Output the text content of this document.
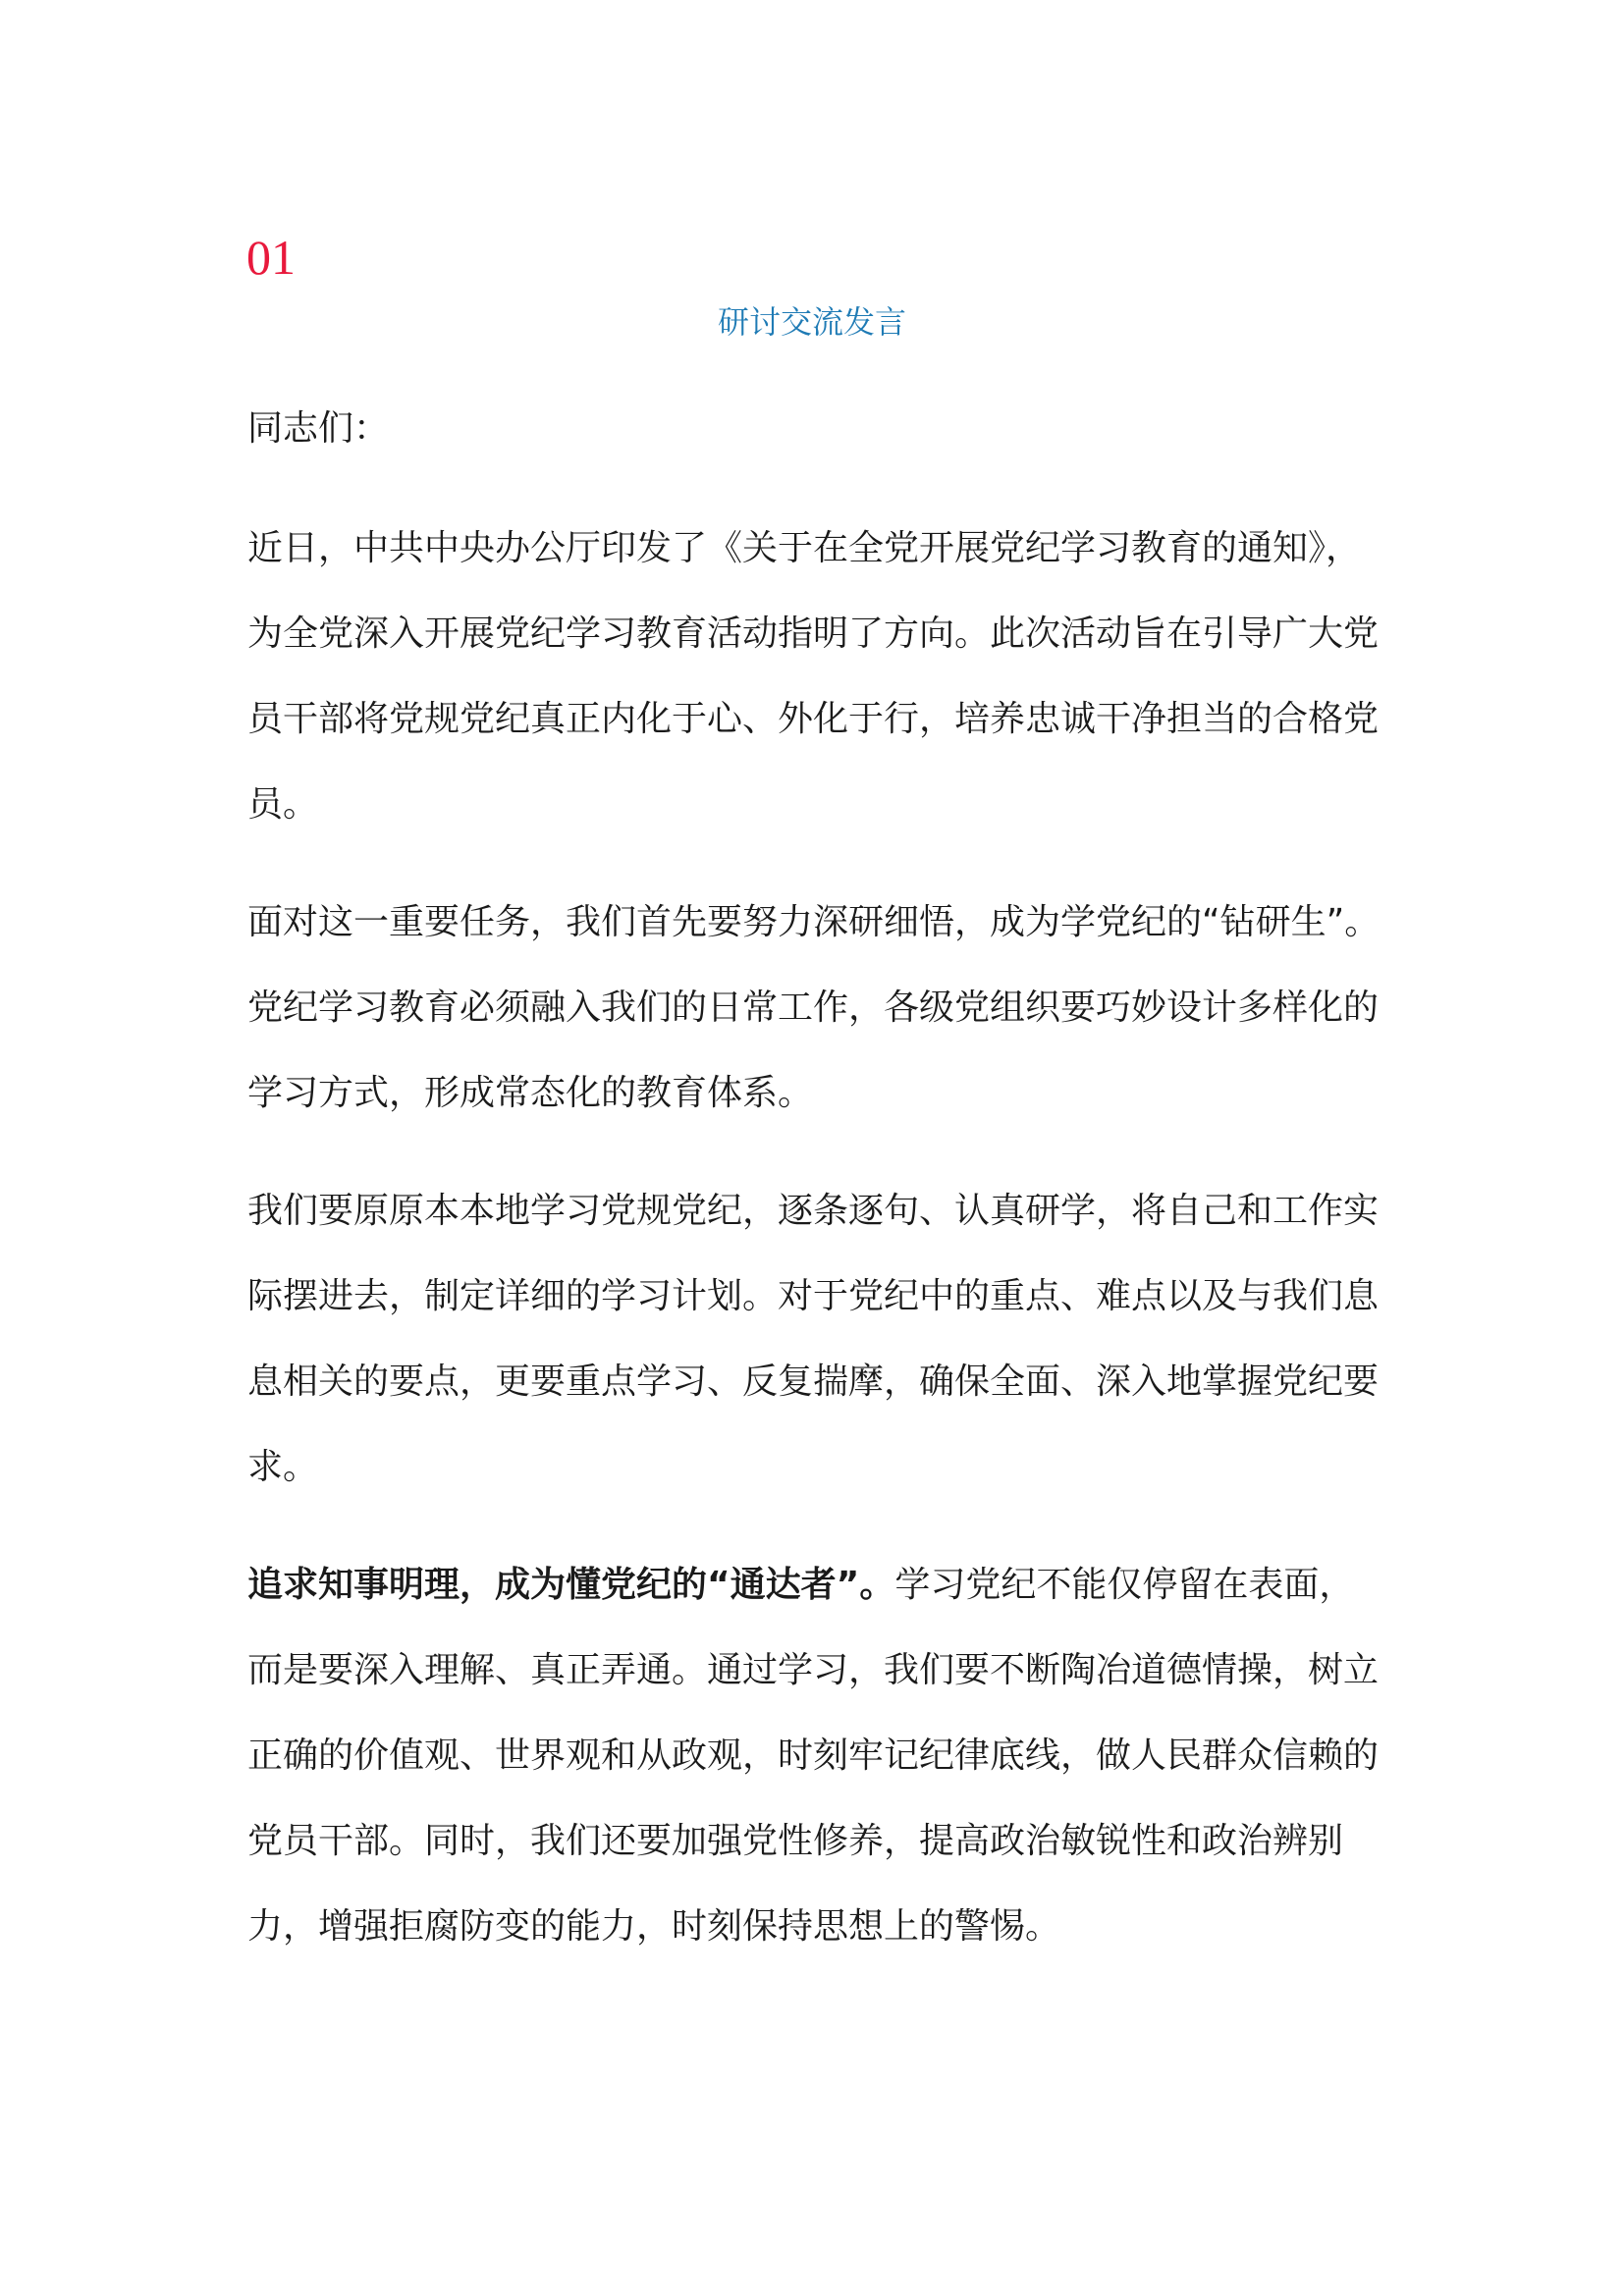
01

研讨交流发言

同志们：

近日，中共中央办公厅印发了《关于在全党开展党纪学习教育的通知》，为全党深入开展党纪学习教育活动指明了方向。此次活动旨在引导广大党员干部将党规党纪真正内化于心、外化于行，培养忠诚干净担当的合格党员。

面对这一重要任务，我们首先要努力深研细悟，成为学党纪的“钻研生”。党纪学习教育必须融入我们的日常工作，各级党组织要巧妙设计多样化的学习方式，形成常态化的教育体系。

我们要原原本本地学习党规党纪，逐条逐句、认真研学，将自己和工作实际摆进去，制定详细的学习计划。对于党纪中的重点、难点以及与我们息息相关的要点，更要重点学习、反复揣摩，确保全面、深入地掌握党纪要求。

追求知事明理，成为懂党纪的“通达者”。学习党纪不能仅停留在表面，而是要深入理解、真正弄通。通过学习，我们要不断陶冶道德情操，树立正确的价值观、世界观和从政观，时刻牢记纪律底线，做人民群众信赖的党员干部。同时，我们还要加强党性修养，提高政治敏锐性和政治辨别力，增强拒腐防变的能力，时刻保持思想上的警惕。
